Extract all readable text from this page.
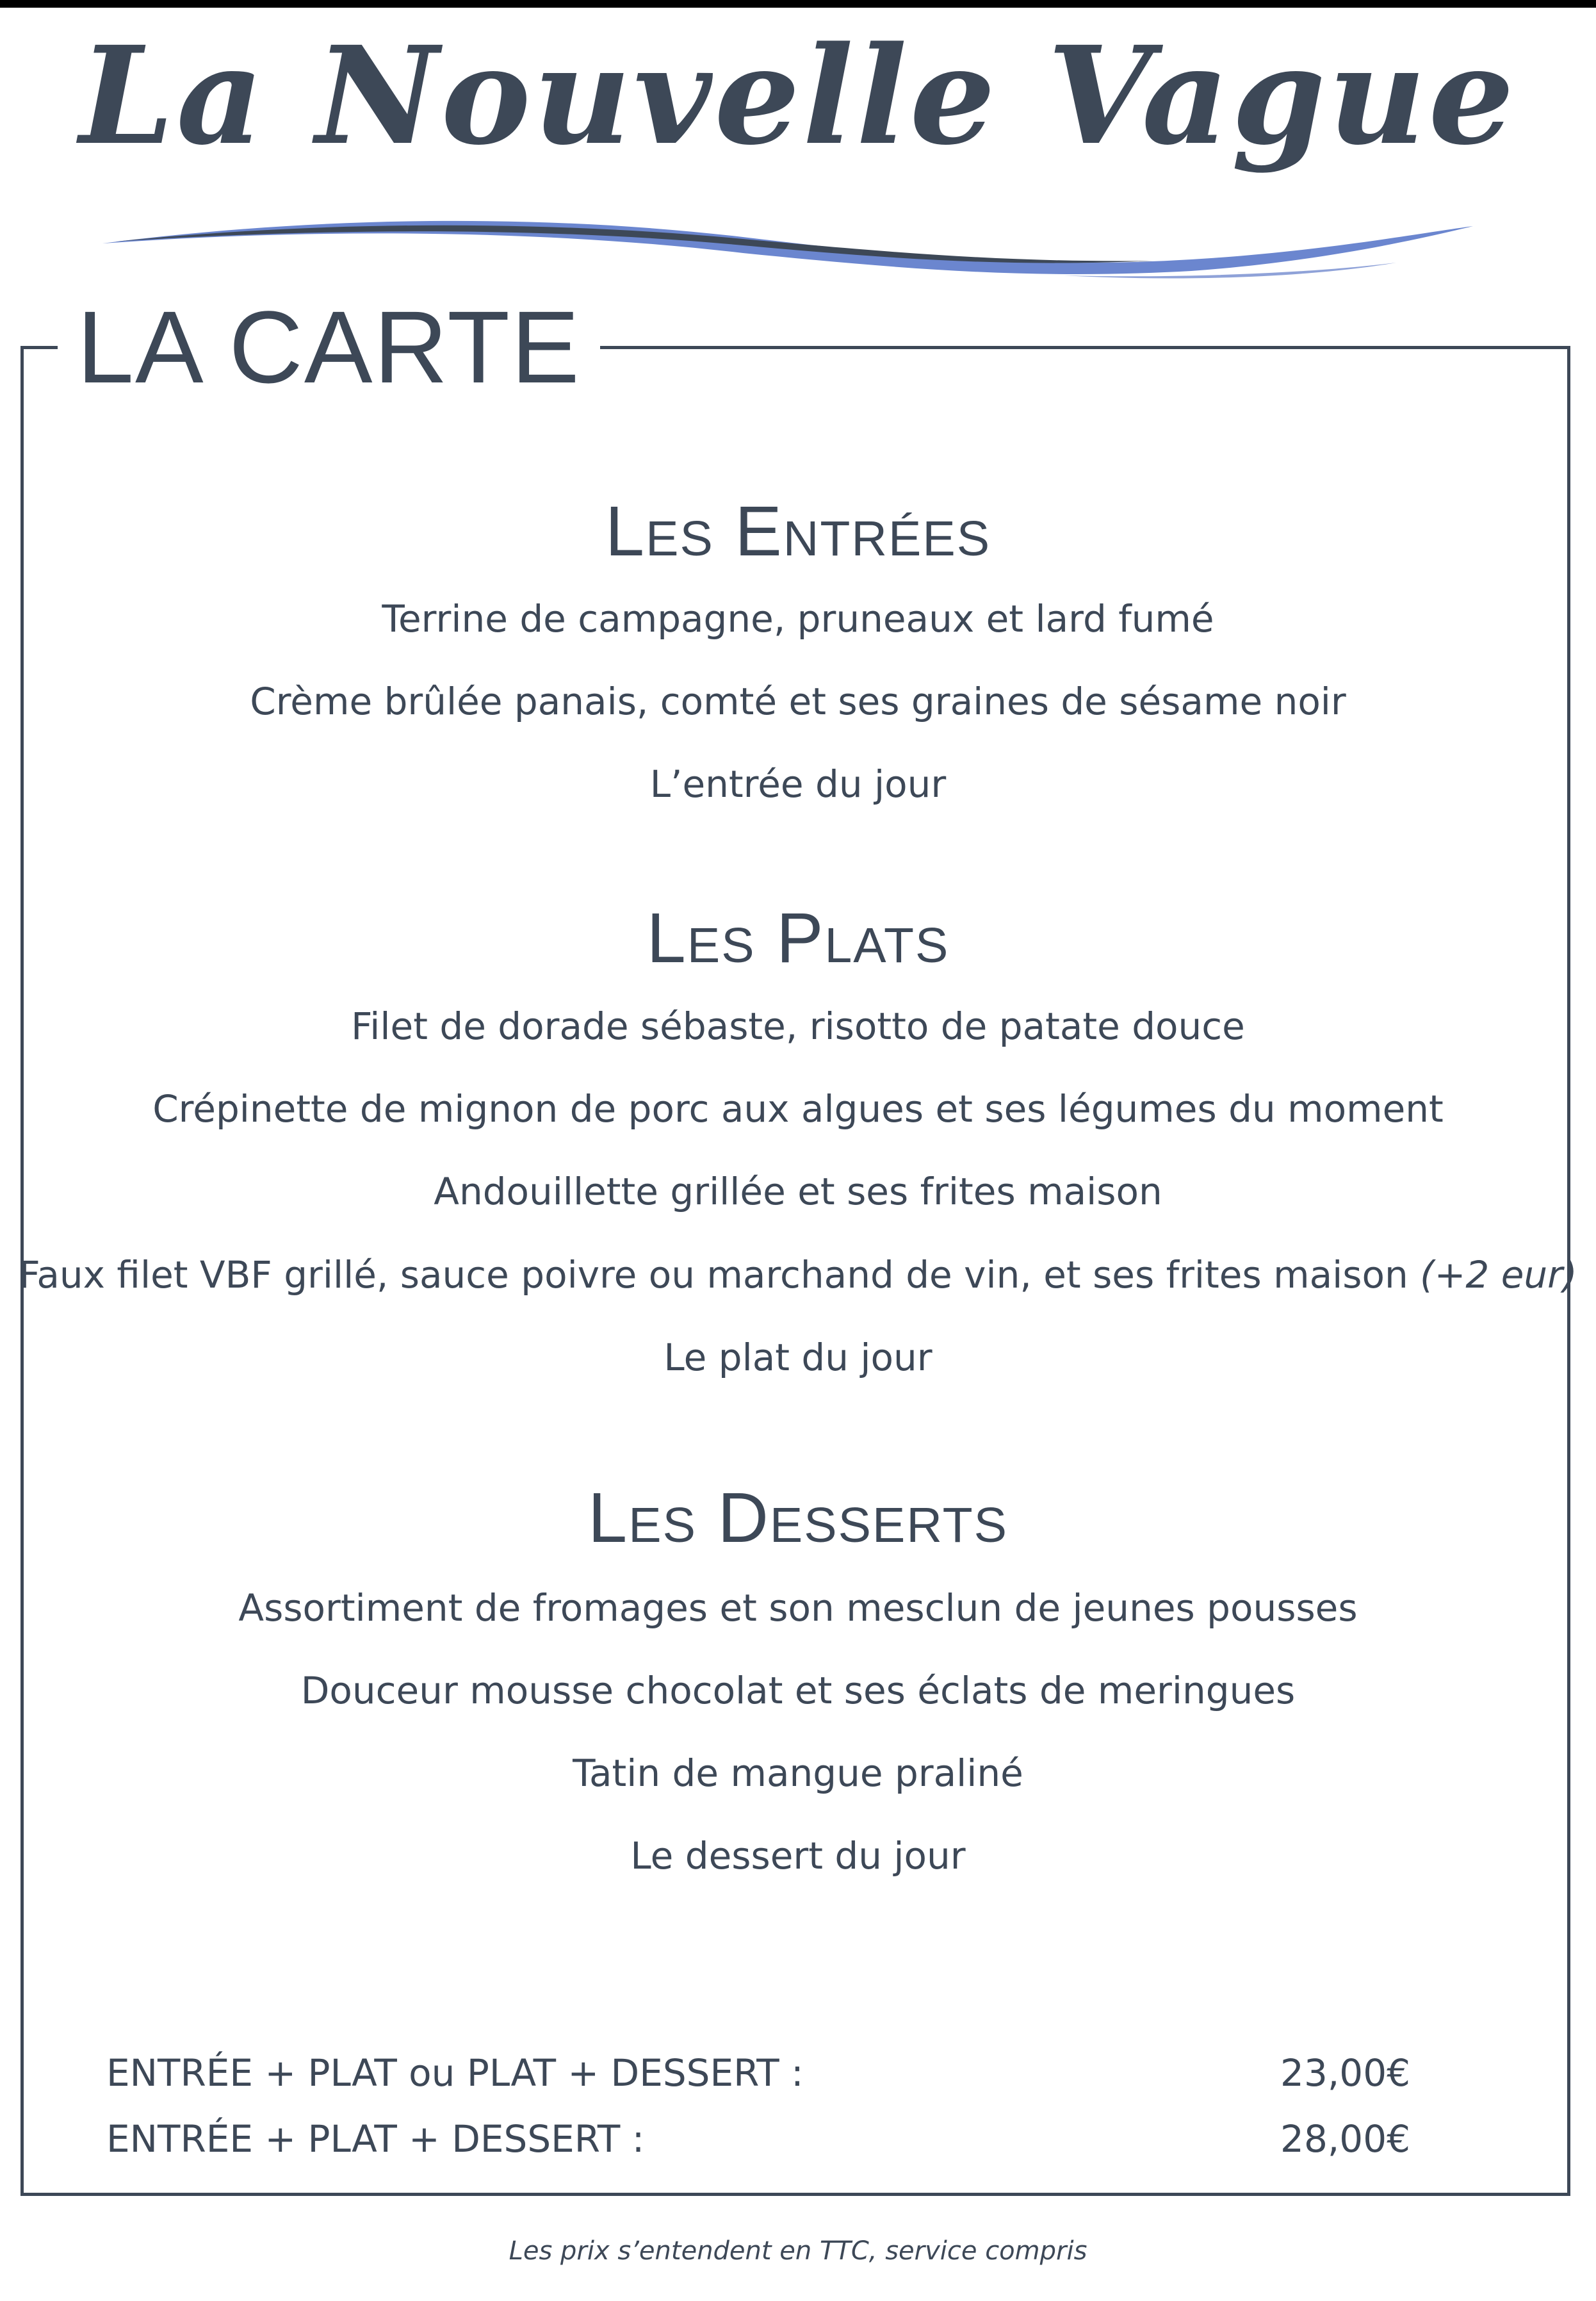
La Nouvelle Vague
LA CARTE
Les Entrées
Terrine de campagne, pruneaux et lard fumé
Crème brûlée panais, comté et ses graines de sésame noir
L’entrée du jour
Les Plats
Filet de dorade sébaste, risotto de patate douce
Crépinette de mignon de porc aux algues et ses légumes du moment
Andouillette grillée et ses frites maison
Faux filet VBF grillé, sauce poivre ou marchand de vin, et ses frites maison (+2 eur)
Le plat du jour
Les Desserts
Assortiment de fromages et son mesclun de jeunes pousses
Douceur mousse chocolat et ses éclats de meringues
Tatin de mangue praliné
Le dessert du jour
ENTRÉE + PLAT ou PLAT + DESSERT :	23,00€
ENTRÉE + PLAT + DESSERT :	28,00€
Les prix s’entendent en TTC, service compris
